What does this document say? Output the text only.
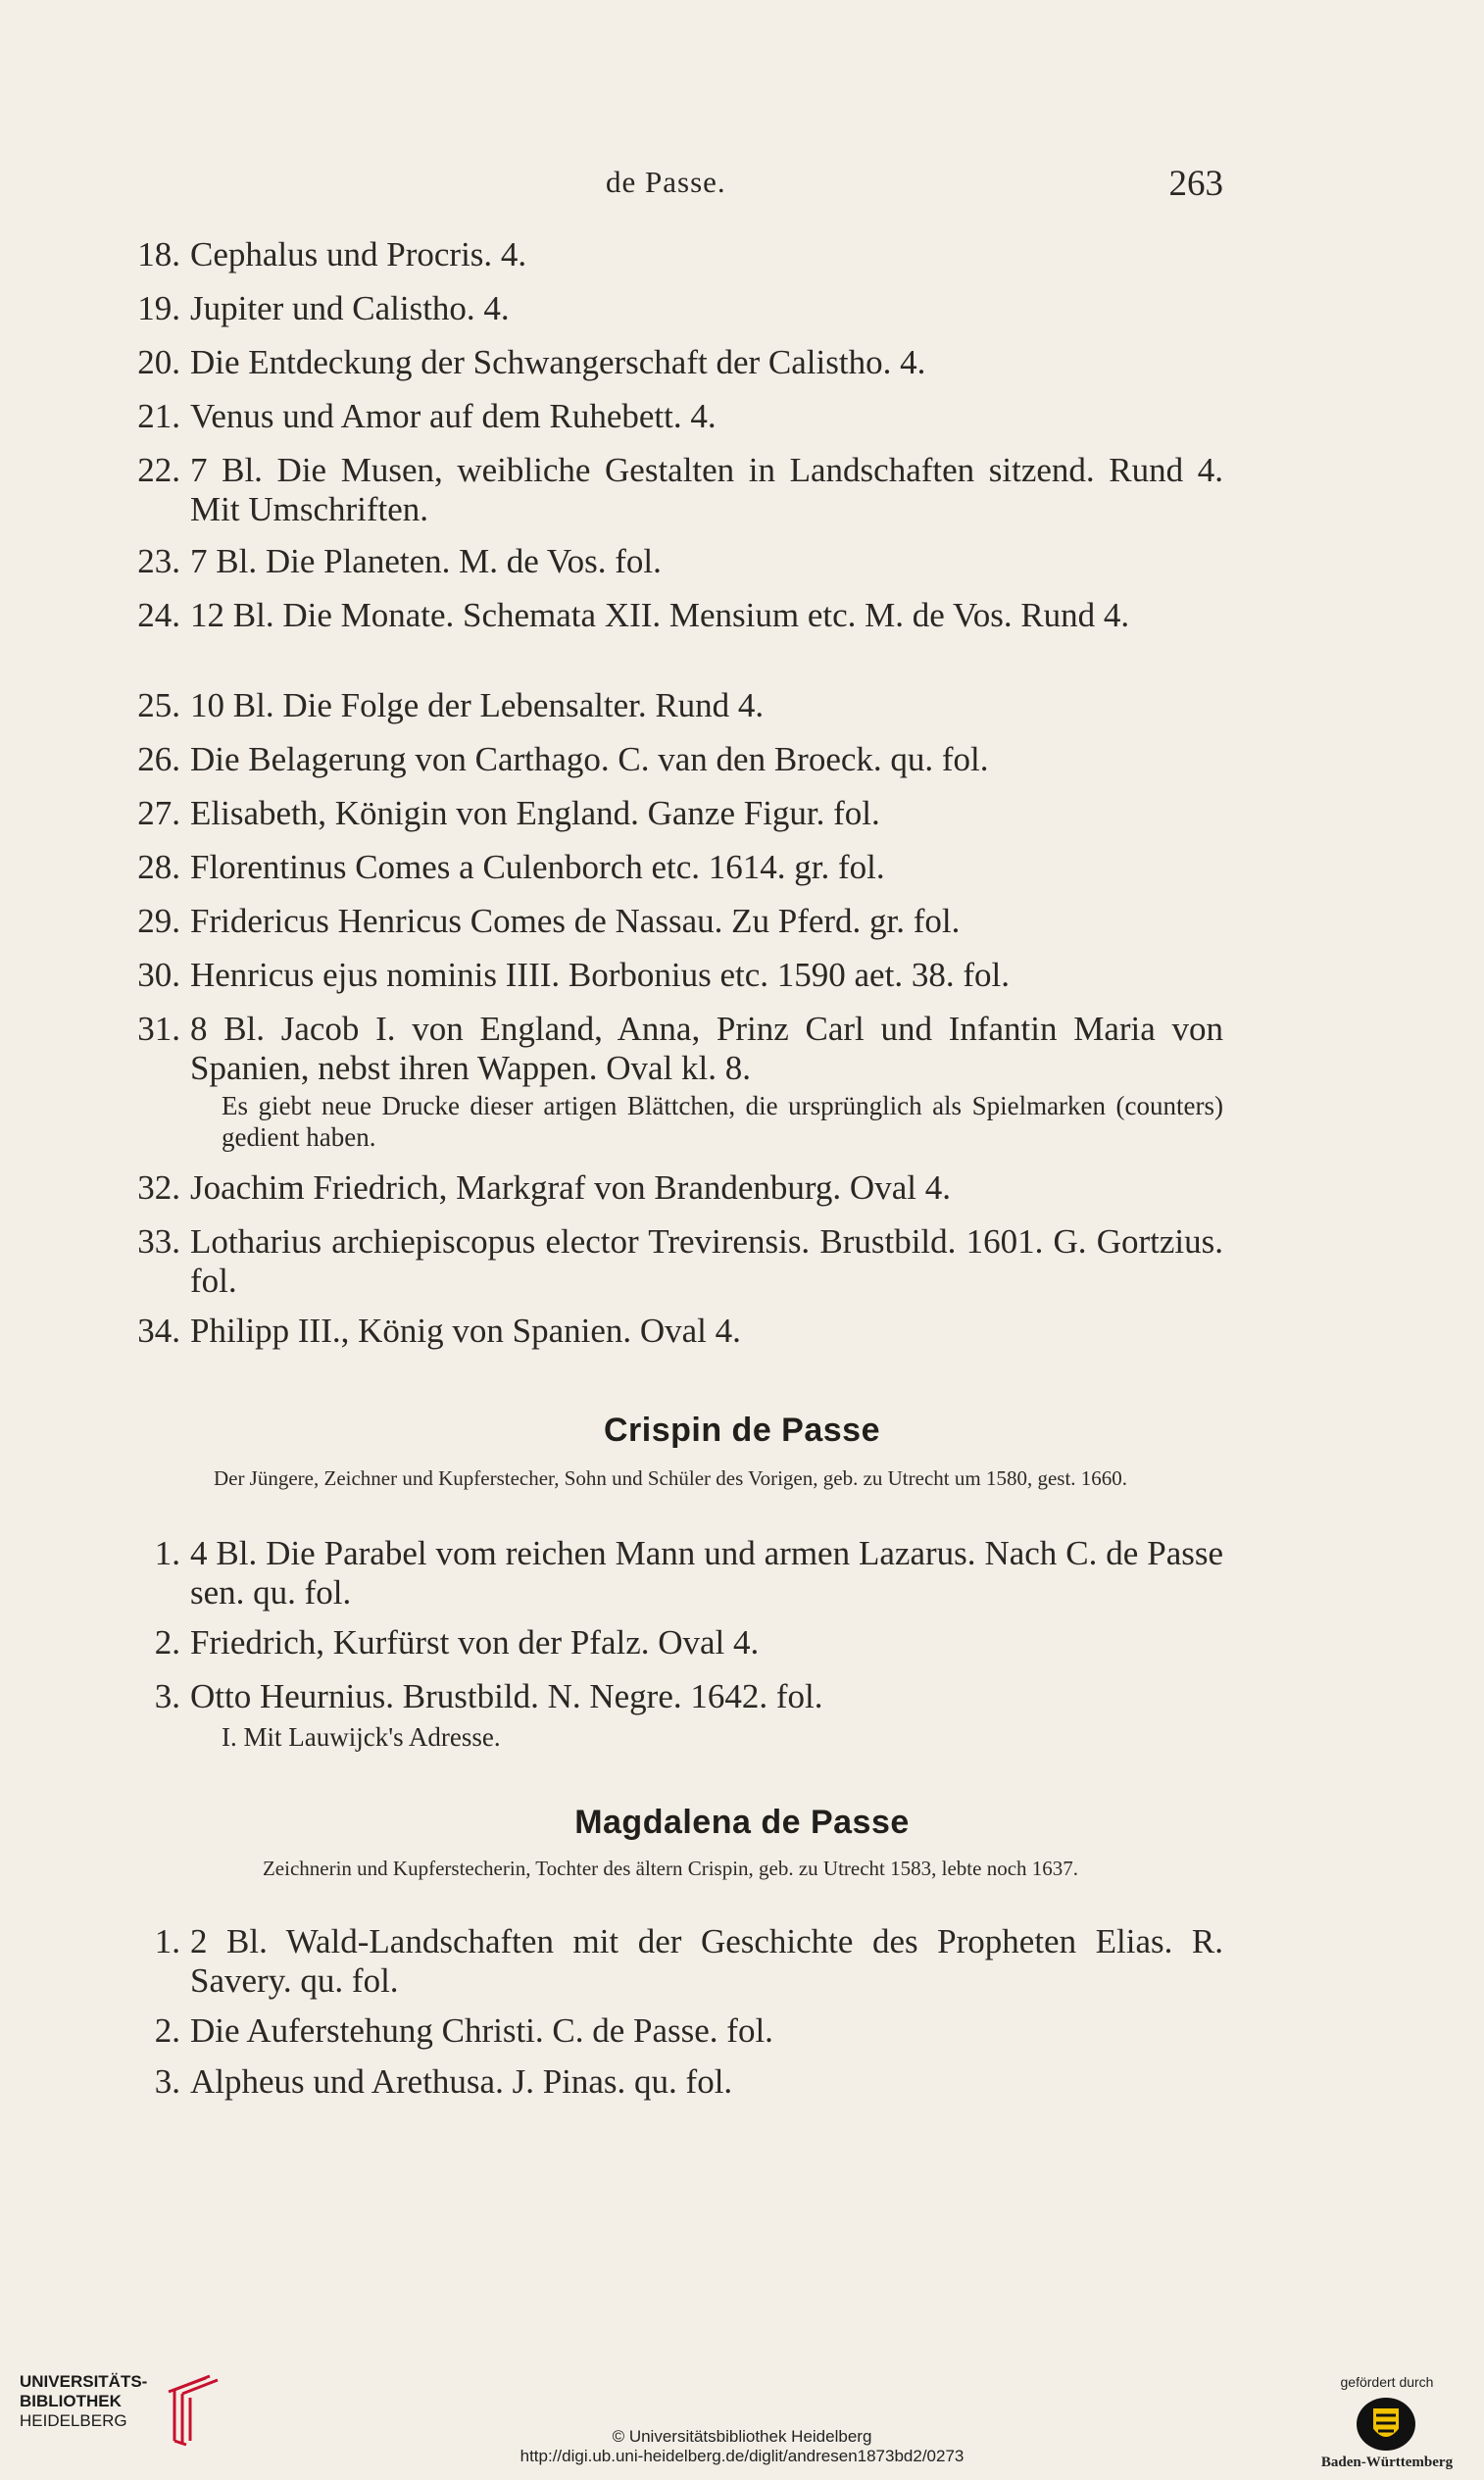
de Passe.	263
18. Cephalus und Procris. 4.
19. Jupiter und Calistho. 4.
20. Die Entdeckung der Schwangerschaft der Calistho. 4.
21. Venus und Amor auf dem Ruhebett. 4.
22. 7 Bl. Die Musen, weibliche Gestalten in Landschaften sitzend. Rund 4. Mit Umschriften.
23. 7 Bl. Die Planeten. M. de Vos. fol.
24. 12 Bl. Die Monate. Schemata XII. Mensium etc. M. de Vos. Rund 4.
25. 10 Bl. Die Folge der Lebensalter. Rund 4.
26. Die Belagerung von Carthago. C. van den Broeck. qu. fol.
27. Elisabeth, Königin von England. Ganze Figur. fol.
28. Florentinus Comes a Culenborch etc. 1614. gr. fol.
29. Fridericus Henricus Comes de Nassau. Zu Pferd. gr. fol.
30. Henricus ejus nominis IIII. Borbonius etc. 1590 aet. 38. fol.
31. 8 Bl. Jacob I. von England, Anna, Prinz Carl und Infantin Maria von Spanien, nebst ihren Wappen. Oval kl. 8.
Es giebt neue Drucke dieser artigen Blättchen, die ursprünglich als Spielmarken (counters) gedient haben.
32. Joachim Friedrich, Markgraf von Brandenburg. Oval 4.
33. Lotharius archiepiscopus elector Trevirensis. Brustbild. 1601. G. Gortzius. fol.
34. Philipp III., König von Spanien. Oval 4.
Crispin de Passe
Der Jüngere, Zeichner und Kupferstecher, Sohn und Schüler des Vorigen, geb. zu Utrecht um 1580, gest. 1660.
1. 4 Bl. Die Parabel vom reichen Mann und armen Lazarus. Nach C. de Passe sen. qu. fol.
2. Friedrich, Kurfürst von der Pfalz. Oval 4.
3. Otto Heurnius. Brustbild. N. Negre. 1642. fol.
I. Mit Lauwijck's Adresse.
Magdalena de Passe
Zeichnerin und Kupferstecherin, Tochter des ältern Crispin, geb. zu Utrecht 1583, lebte noch 1637.
1. 2 Bl. Wald-Landschaften mit der Geschichte des Propheten Elias. R. Savery. qu. fol.
2. Die Auferstehung Christi. C. de Passe. fol.
3. Alpheus und Arethusa. J. Pinas. qu. fol.
UNIVERSITÄTS-
BIBLIOTHEK
HEIDELBERG
© Universitätsbibliothek Heidelberg
http://digi.ub.uni-heidelberg.de/diglit/andresen1873bd2/0273
gefördert durch
Baden-Württemberg
